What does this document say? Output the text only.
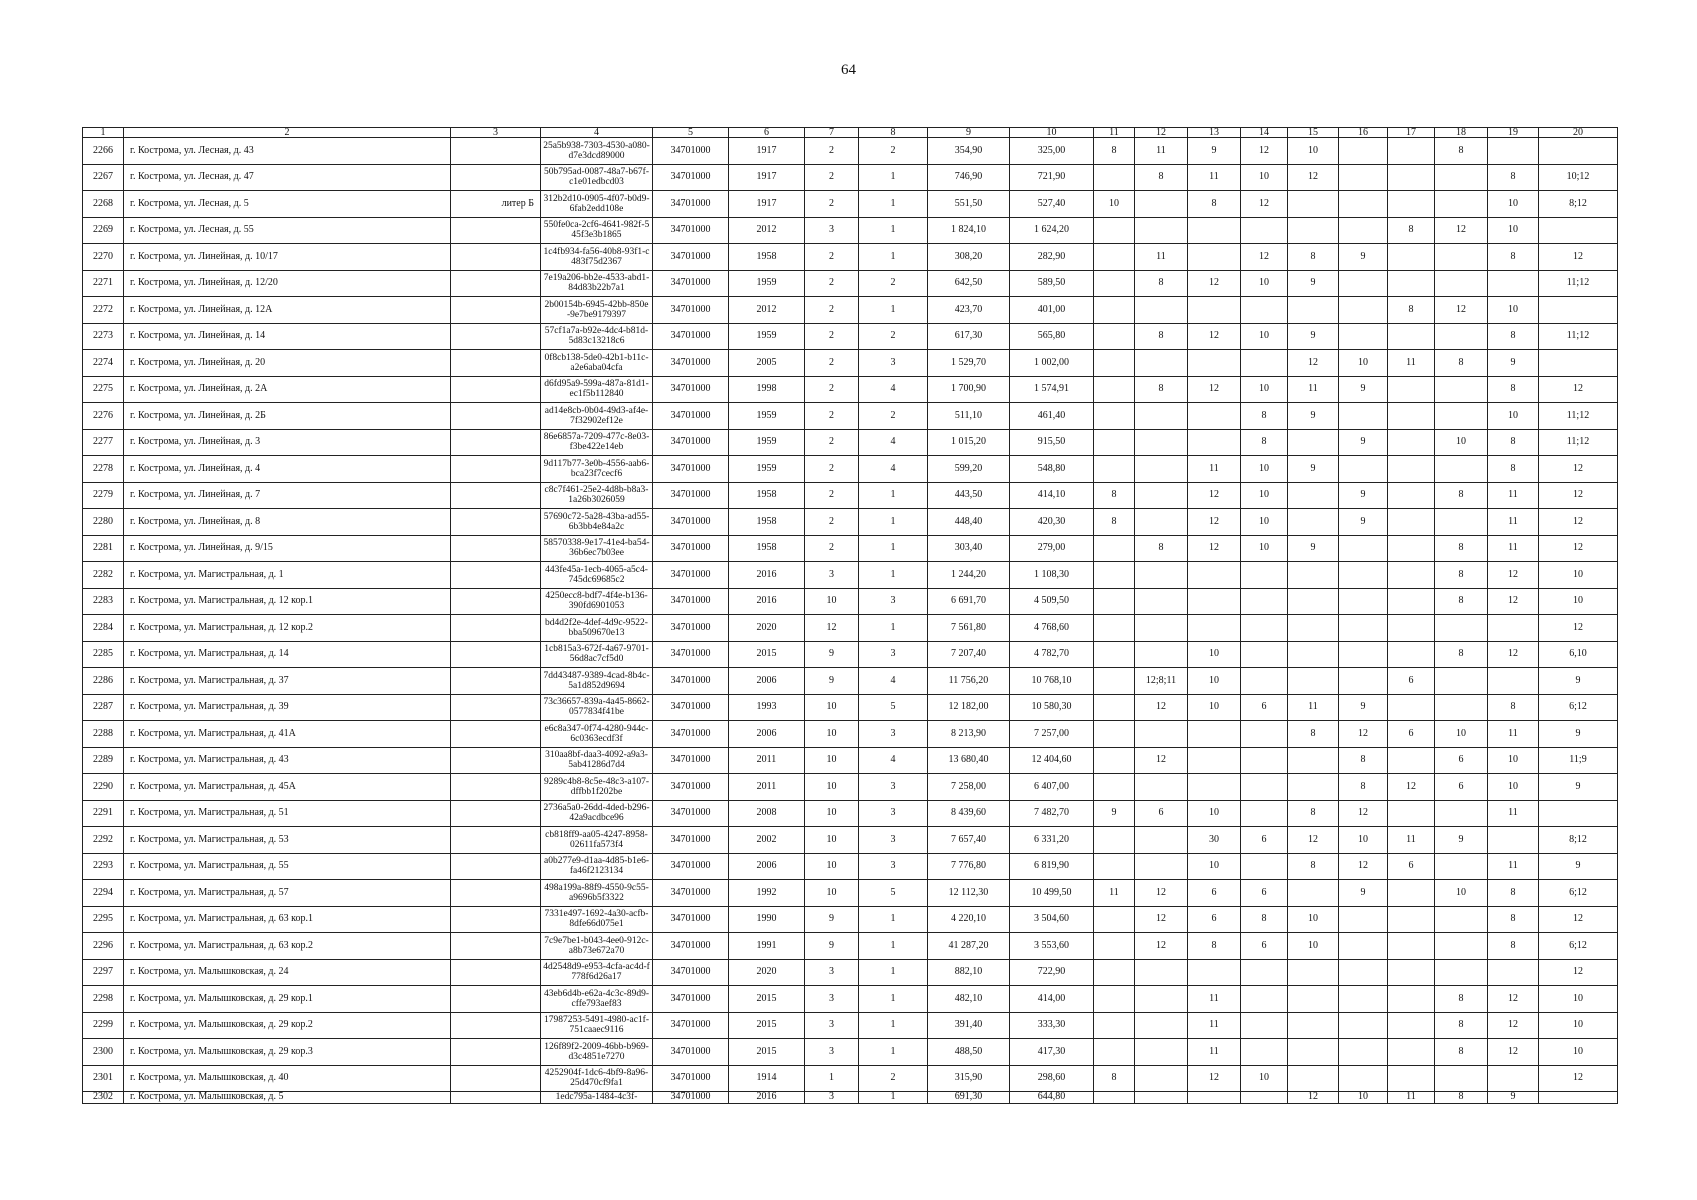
64
1	2	3	4	5	6	7	8	9	10	11	12	13	14	15	16	17	18	19	20
2266	г. Кострома, ул. Лесная, д. 43		25a5b938-7303-4530-a080-d7e3dcd89000	34701000	1917	2	2	354,90	325,00	8	11	9	12	10			8		
2267	г. Кострома, ул. Лесная, д. 47		50b795ad-0087-48a7-b67f-c1e01edbcd03	34701000	1917	2	1	746,90	721,90		8	11	10	12				8	10;12
2268	г. Кострома, ул. Лесная, д. 5	литер Б	312b2d10-0905-4f07-b0d9-6fab2edd108e	34701000	1917	2	1	551,50	527,40	10		8	12					10	8;12
2269	г. Кострома, ул. Лесная, д. 55		550fe0ca-2cf6-4641-982f-545f3e3b1865	34701000	2012	3	1	1 824,10	1 624,20							8	12	10	
2270	г. Кострома, ул. Линейная, д. 10/17		1c4fb934-fa56-40b8-93f1-c483f75d2367	34701000	1958	2	1	308,20	282,90		11		12	8	9			8	12
2271	г. Кострома, ул. Линейная, д. 12/20		7e19a206-bb2e-4533-abd1-84d83b22b7a1	34701000	1959	2	2	642,50	589,50		8	12	10	9					11;12
2272	г. Кострома, ул. Линейная, д. 12А		2b00154b-6945-42bb-850e-9e7be9179397	34701000	2012	2	1	423,70	401,00							8	12	10	
2273	г. Кострома, ул. Линейная, д. 14		57cf1a7a-b92e-4dc4-b81d-5d83c13218c6	34701000	1959	2	2	617,30	565,80		8	12	10	9				8	11;12
2274	г. Кострома, ул. Линейная, д. 20		0f8cb138-5de0-42b1-b11c-a2e6aba04cfa	34701000	2005	2	3	1 529,70	1 002,00					12	10	11	8	9	
2275	г. Кострома, ул. Линейная, д. 2А		d6fd95a9-599a-487a-81d1-ec1f5b112840	34701000	1998	2	4	1 700,90	1 574,91		8	12	10	11	9			8	12
2276	г. Кострома, ул. Линейная, д. 2Б		ad14e8cb-0b04-49d3-af4e-7f32902ef12e	34701000	1959	2	2	511,10	461,40				8	9				10	11;12
2277	г. Кострома, ул. Линейная, д. 3		86e6857a-7209-477c-8e03-f3be422e14eb	34701000	1959	2	4	1 015,20	915,50				8		9		10	8	11;12
2278	г. Кострома, ул. Линейная, д. 4		9d117b77-3e0b-4556-aab6-bca23f7cecf6	34701000	1959	2	4	599,20	548,80			11	10	9				8	12
2279	г. Кострома, ул. Линейная, д. 7		c8c7f461-25e2-4d8b-b8a3-1a26b3026059	34701000	1958	2	1	443,50	414,10	8		12	10		9		8	11	12
2280	г. Кострома, ул. Линейная, д. 8		57690c72-5a28-43ba-ad55-6b3bb4e84a2c	34701000	1958	2	1	448,40	420,30	8		12	10		9			11	12
2281	г. Кострома, ул. Линейная, д. 9/15		58570338-9e17-41e4-ba54-36b6ec7b03ee	34701000	1958	2	1	303,40	279,00		8	12	10	9			8	11	12
2282	г. Кострома, ул. Магистральная, д. 1		443fe45a-1ecb-4065-a5c4-745dc69685c2	34701000	2016	3	1	1 244,20	1 108,30								8	12	10
2283	г. Кострома, ул. Магистральная, д. 12 кор.1		4250ecc8-bdf7-4f4e-b136-390fd6901053	34701000	2016	10	3	6 691,70	4 509,50								8	12	10
2284	г. Кострома, ул. Магистральная, д. 12 кор.2		bd4d2f2e-4def-4d9c-9522-bba509670e13	34701000	2020	12	1	7 561,80	4 768,60										12
2285	г. Кострома, ул. Магистральная, д. 14		1cb815a3-672f-4a67-9701-56d8ac7cf5d0	34701000	2015	9	3	7 207,40	4 782,70			10					8	12	6,10
2286	г. Кострома, ул. Магистральная, д. 37		7dd43487-9389-4cad-8b4c-5a1d852d9694	34701000	2006	9	4	11 756,20	10 768,10		12;8;11	10				6			9
2287	г. Кострома, ул. Магистральная, д. 39		73c36657-839a-4a45-8662-0577834f41be	34701000	1993	10	5	12 182,00	10 580,30		12	10	6	11	9			8	6;12
2288	г. Кострома, ул. Магистральная, д. 41А		e6c8a347-0f74-4280-944c-6c0363ecdf3f	34701000	2006	10	3	8 213,90	7 257,00					8	12	6	10	11	9
2289	г. Кострома, ул. Магистральная, д. 43		310aa8bf-daa3-4092-a9a3-5ab41286d7d4	34701000	2011	10	4	13 680,40	12 404,60		12				8		6	10	11;9
2290	г. Кострома, ул. Магистральная, д. 45А		9289c4b8-8c5e-48c3-a107-dffbb1f202be	34701000	2011	10	3	7 258,00	6 407,00						8	12	6	10	9
2291	г. Кострома, ул. Магистральная, д. 51		2736a5a0-26dd-4ded-b296-42a9acdbce96	34701000	2008	10	3	8 439,60	7 482,70	9	6	10		8	12			11	
2292	г. Кострома, ул. Магистральная, д. 53		cb818ff9-aa05-4247-8958-02611fa573f4	34701000	2002	10	3	7 657,40	6 331,20			30	6	12	10	11	9		8;12
2293	г. Кострома, ул. Магистральная, д. 55		a0b277e9-d1aa-4d85-b1e6-fa46f2123134	34701000	2006	10	3	7 776,80	6 819,90			10		8	12	6		11	9
2294	г. Кострома, ул. Магистральная, д. 57		498a199a-88f9-4550-9c55-a9696b5f3322	34701000	1992	10	5	12 112,30	10 499,50	11	12	6	6		9		10	8	6;12
2295	г. Кострома, ул. Магистральная, д. 63 кор.1		7331e497-1692-4a30-acfb-8dfe66d075e1	34701000	1990	9	1	4 220,10	3 504,60		12	6	8	10				8	12
2296	г. Кострома, ул. Магистральная, д. 63 кор.2		7c9e7be1-b043-4ee0-912c-a8b73e672a70	34701000	1991	9	1	41 287,20	3 553,60		12	8	6	10				8	6;12
2297	г. Кострома, ул. Малышковская, д. 24		4d2548d9-e953-4cfa-ac4d-f778f6d26a17	34701000	2020	3	1	882,10	722,90										12
2298	г. Кострома, ул. Малышковская, д. 29 кор.1		43eb6d4b-e62a-4c3c-89d9-cffe793aef83	34701000	2015	3	1	482,10	414,00			11					8	12	10
2299	г. Кострома, ул. Малышковская, д. 29 кор.2		17987253-5491-4980-ac1f-751caaec9116	34701000	2015	3	1	391,40	333,30			11					8	12	10
2300	г. Кострома, ул. Малышковская, д. 29 кор.3		126f89f2-2009-46bb-b969-d3c4851e7270	34701000	2015	3	1	488,50	417,30			11					8	12	10
2301	г. Кострома, ул. Малышковская, д. 40		4252904f-1dc6-4bf9-8a96-25d470cf9fa1	34701000	1914	1	2	315,90	298,60	8		12	10						12
2302	г. Кострома, ул. Малышковская, д. 5		1edc795a-1484-4c3f-	34701000	2016	3	1	691,30	644,80					12	10	11	8	9	
